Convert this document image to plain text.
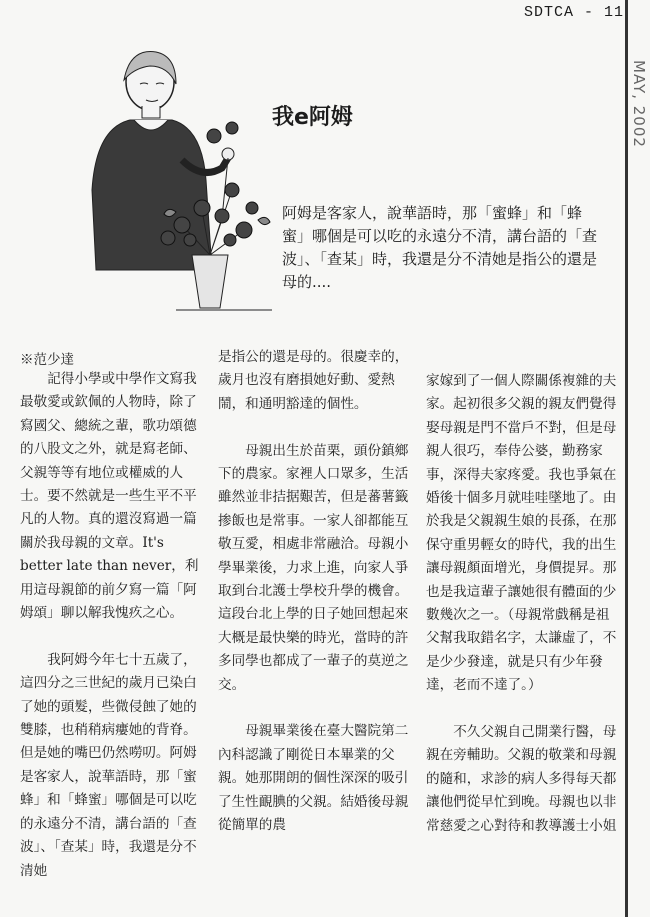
SDTCA - 11
MAY, 2002
我e阿姆
阿姆是客家人，說華語時，那「蜜蜂」和「蜂蜜」哪個是可以吃的永遠分不清，講台語的「查波」、「查某」時，我還是分不清她是指公的還是母的....
※范少達

記得小學或中學作文寫我最敬愛或欽佩的人物時，除了寫國父、總統之輩，歌功頌德的八股文之外，就是寫老師、父親等等有地位或權威的人士。要不然就是一些生平不平凡的人物。真的還沒寫過一篇關於我母親的文章。It's better late than never，利用這母親節的前夕寫一篇「阿姆頌」聊以解我愧疚之心。

我阿姆今年七十五歲了，這四分之三世紀的歲月已染白了她的頭髮，些微侵蝕了她的雙膝，也稍稍病瘻她的背脊。但是她的嘴巴仍然嘮叨。阿姆是客家人，說華語時，那「蜜蜂」和「蜂蜜」哪個是可以吃的永遠分不清，講台語的「查波」、「查某」時，我還是分不清她

是指公的還是母的。很慶幸的，歲月也沒有磨損她好動、愛熱鬧，和通明豁達的個性。

母親出生於苗栗，頭份鎮鄉下的農家。家裡人口眾多，生活雖然並非拮据艱苦，但是蕃薯籤掺飯也是常事。一家人卻都能互敬互愛，相處非常融洽。母親小學畢業後，力求上進，向家人爭取到台北護士學校升學的機會。這段台北上學的日子她回想起來大概是最快樂的時光，當時的許多同學也都成了一輩子的莫逆之交。

母親畢業後在臺大醫院第二內科認識了剛從日本畢業的父親。她那開朗的個性深深的吸引了生性靦腆的父親。結婚後母親從簡單的農

家嫁到了一個人際關係複雜的夫家。起初很多父親的親友們覺得娶母親是門不當戶不對，但是母親人很巧，奉侍公婆，勤務家事，深得夫家疼愛。我也爭氣在婚後十個多月就哇哇墜地了。由於我是父親親生娘的長孫，在那保守重男輕女的時代，我的出生讓母親顏面增光，身價提昇。那也是我這輩子讓她很有體面的少數幾次之一。（母親常戲稱是祖父幫我取錯名字，太謙虛了，不是少少發達，就是只有少年發達，老而不達了。）

不久父親自己開業行醫，母親在旁輔助。父親的敬業和母親的隨和，求診的病人多得每天都讓他們從早忙到晚。母親也以非常慈愛之心對待和教導護士小姐
